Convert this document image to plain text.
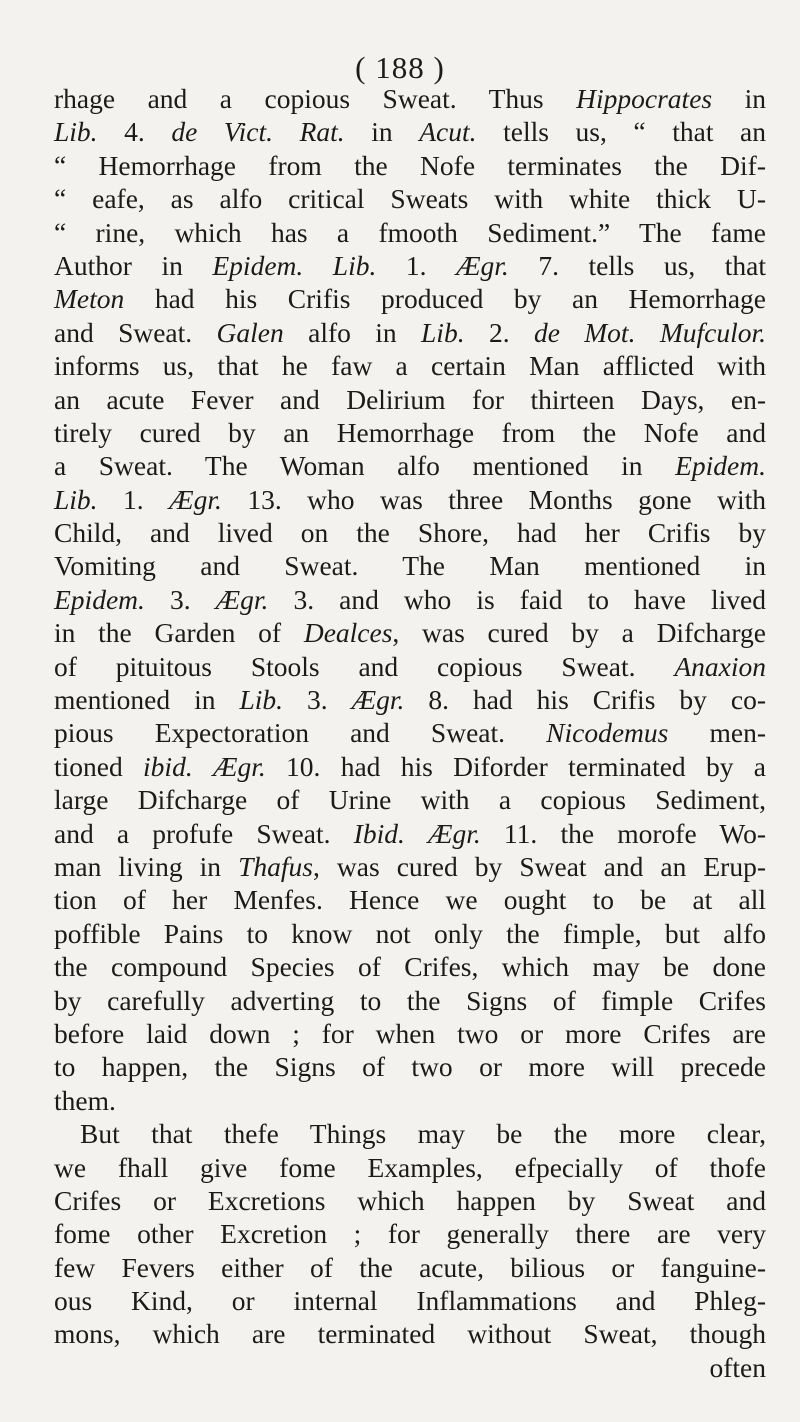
( 188 )
rhage and a copious Sweat. Thus Hippocrates in
Lib. 4. de Vict. Rat. in Acut. tells us, “ that an
“ Hemorrhage from the Nofe terminates the Dif-
“ eafe, as alfo critical Sweats with white thick U-
“ rine, which has a fmooth Sediment.” The fame
Author in Epidem. Lib. 1. Ægr. 7. tells us, that
Meton had his Crifis produced by an Hemorrhage
and Sweat. Galen alfo in Lib. 2. de Mot. Mufculor.
informs us, that he faw a certain Man afflicted with
an acute Fever and Delirium for thirteen Days, en-
tirely cured by an Hemorrhage from the Nofe and
a Sweat. The Woman alfo mentioned in Epidem.
Lib. 1. Ægr. 13. who was three Months gone with
Child, and lived on the Shore, had her Crifis by
Vomiting and Sweat. The Man mentioned in
Epidem. 3. Ægr. 3. and who is faid to have lived
in the Garden of Dealces, was cured by a Difcharge
of pituitous Stools and copious Sweat. Anaxion
mentioned in Lib. 3. Ægr. 8. had his Crifis by co-
pious Expectoration and Sweat. Nicodemus men-
tioned ibid. Ægr. 10. had his Diforder terminated by a
large Difcharge of Urine with a copious Sediment,
and a profufe Sweat. Ibid. Ægr. 11. the morofe Wo-
man living in Thafus, was cured by Sweat and an Erup-
tion of her Menfes. Hence we ought to be at all
poffible Pains to know not only the fimple, but alfo
the compound Species of Crifes, which may be done
by carefully adverting to the Signs of fimple Crifes
before laid down ; for when two or more Crifes are
to happen, the Signs of two or more will precede
them.
But that thefe Things may be the more clear,
we fhall give fome Examples, efpecially of thofe
Crifes or Excretions which happen by Sweat and
fome other Excretion ; for generally there are very
few Fevers either of the acute, bilious or fanguine-
ous Kind, or internal Inflammations and Phleg-
mons, which are terminated without Sweat, though
often
